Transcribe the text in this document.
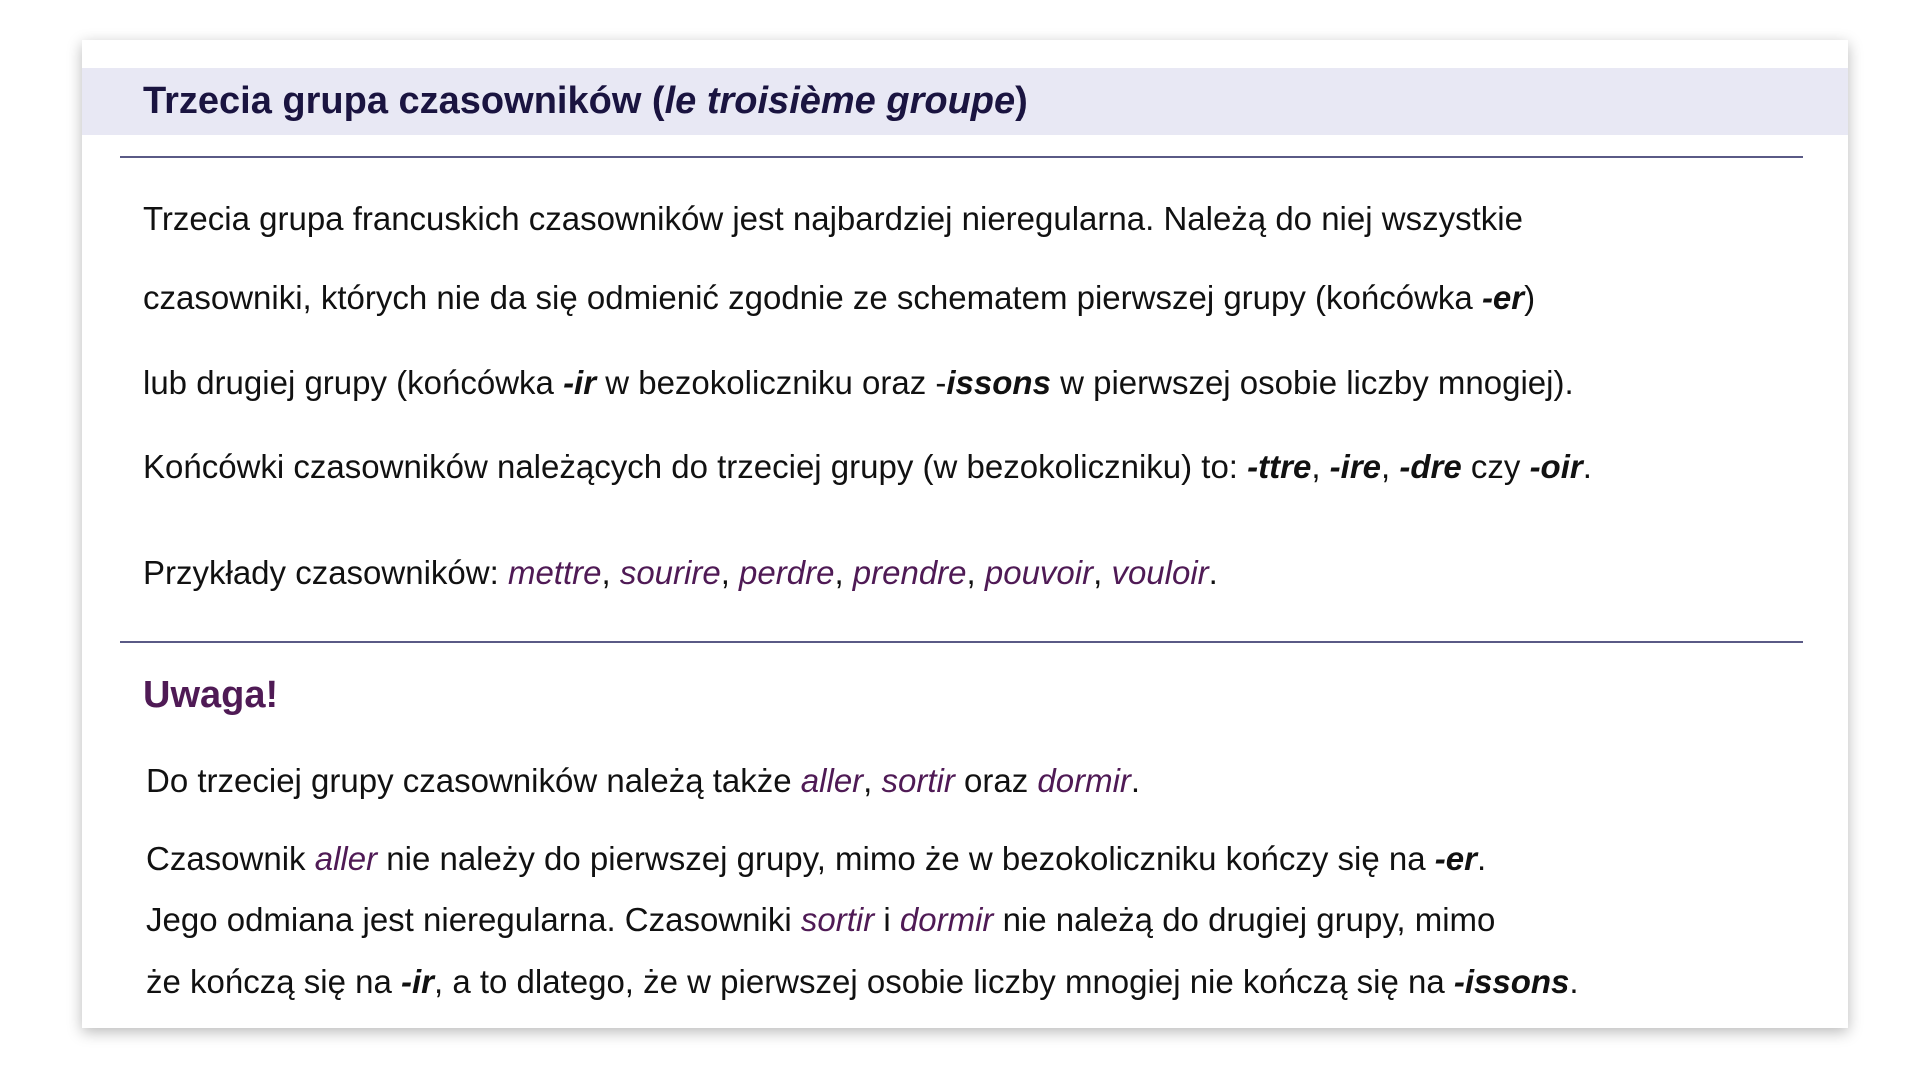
Trzecia grupa czasowników (le troisième groupe)
Trzecia grupa francuskich czasowników jest najbardziej nieregularna. Należą do niej wszystkie
czasowniki, których nie da się odmienić zgodnie ze schematem pierwszej grupy (końcówka -er)
lub drugiej grupy (końcówka -ir w bezokoliczniku oraz -issons w pierwszej osobie liczby mnogiej).
Końcówki czasowników należących do trzeciej grupy (w bezokoliczniku) to: -ttre, -ire, -dre czy -oir.
Przykłady czasowników: mettre, sourire, perdre, prendre, pouvoir, vouloir.
Uwaga!
Do trzeciej grupy czasowników należą także aller, sortir oraz dormir.
Czasownik aller nie należy do pierwszej grupy, mimo że w bezokoliczniku kończy się na -er.
Jego odmiana jest nieregularna. Czasowniki sortir i dormir nie należą do drugiej grupy, mimo
że kończą się na -ir, a to dlatego, że w pierwszej osobie liczby mnogiej nie kończą się na -issons.
